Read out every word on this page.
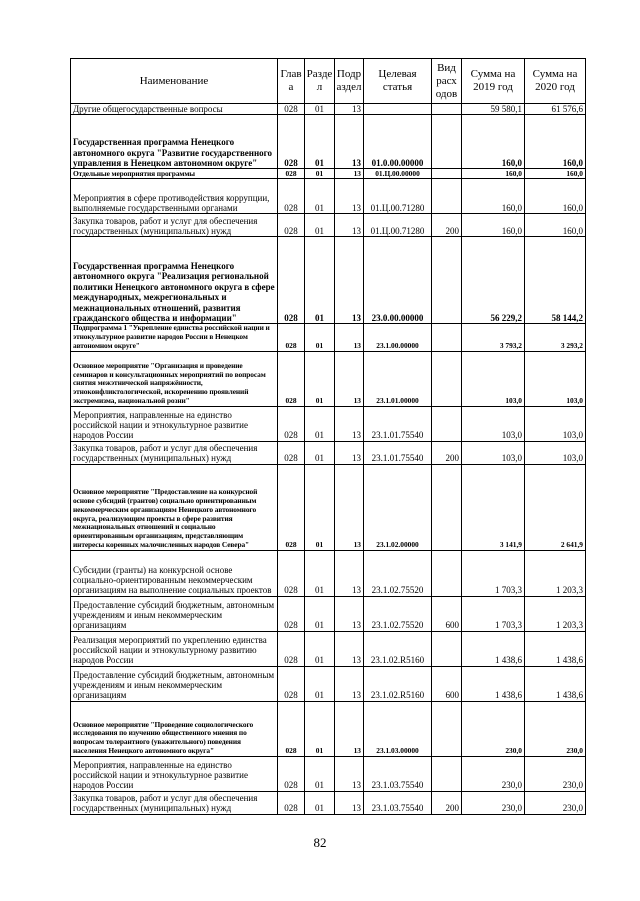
Наименование	Глав а	Разде л	Подр аздел	Целевая статья	Вид расх одов	Сумма на 2019 год	Сумма на 2020 год
Другие общегосударственные вопросы	028	01	13			59 580,1	61 576,6
Государственная программа Ненецкого автономного округа "Развитие государственного управления в Ненецком автономном округе"	028	01	13	01.0.00.00000		160,0	160,0
Отдельные мероприятия программы	028	01	13	01.Ц.00.00000		160,0	160,0
Мероприятия в сфере противодействия коррупции, выполняемые государственными органами	028	01	13	01.Ц.00.71280		160,0	160,0
Закупка товаров, работ и услуг для обеспечения государственных (муниципальных) нужд	028	01	13	01.Ц.00.71280	200	160,0	160,0
Государственная программа Ненецкого автономного округа "Реализация региональной политики Ненецкого автономного округа в сфере международных, межрегиональных и межнациональных отношений, развития гражданского общества и информации"	028	01	13	23.0.00.00000		56 229,2	58 144,2
Подпрограмма 1 "Укрепление единства российской нации и этнокультурное развитие народов России в Ненецком автономном округе"	028	01	13	23.1.00.00000		3 793,2	3 293,2
Основное мероприятие "Организация и проведение семинаров и консультационных мероприятий по вопросам снятия межэтнической напряжённости, этноконфликтологической, искоренению проявлений экстремизма, национальной розни"	028	01	13	23.1.01.00000		103,0	103,0
Мероприятия, направленные на единство российской нации и этнокультурное развитие народов России	028	01	13	23.1.01.75540		103,0	103,0
Закупка товаров, работ и услуг для обеспечения государственных (муниципальных) нужд	028	01	13	23.1.01.75540	200	103,0	103,0
Основное мероприятие "Предоставление на конкурсной основе субсидий (грантов) социально ориентированным некоммерческим организациям Ненецкого автономного округа, реализующим проекты в сфере развития межнациональных отношений и социально ориентированным организациям, представляющим интересы коренных малочисленных народов Севера"	028	01	13	23.1.02.00000		3 141,9	2 641,9
Субсидии (гранты) на конкурсной основе социально-ориентированным некоммерческим организациям на выполнение социальных проектов	028	01	13	23.1.02.75520		1 703,3	1 203,3
Предоставление субсидий бюджетным, автономным учреждениям и иным некоммерческим организациям	028	01	13	23.1.02.75520	600	1 703,3	1 203,3
Реализация мероприятий по укреплению единства российской нации и этнокультурному развитию народов России	028	01	13	23.1.02.R5160		1 438,6	1 438,6
Предоставление субсидий бюджетным, автономным учреждениям и иным некоммерческим организациям	028	01	13	23.1.02.R5160	600	1 438,6	1 438,6
Основное мероприятие "Проведение социологического исследования по изучению общественного мнения по вопросам толерантного (уважительного) поведения населения Ненецкого автономного округа"	028	01	13	23.1.03.00000		230,0	230,0
Мероприятия, направленные на единство российской нации и этнокультурное развитие народов России	028	01	13	23.1.03.75540		230,0	230,0
Закупка товаров, работ и услуг для обеспечения государственных (муниципальных) нужд	028	01	13	23.1.03.75540	200	230,0	230,0
82
